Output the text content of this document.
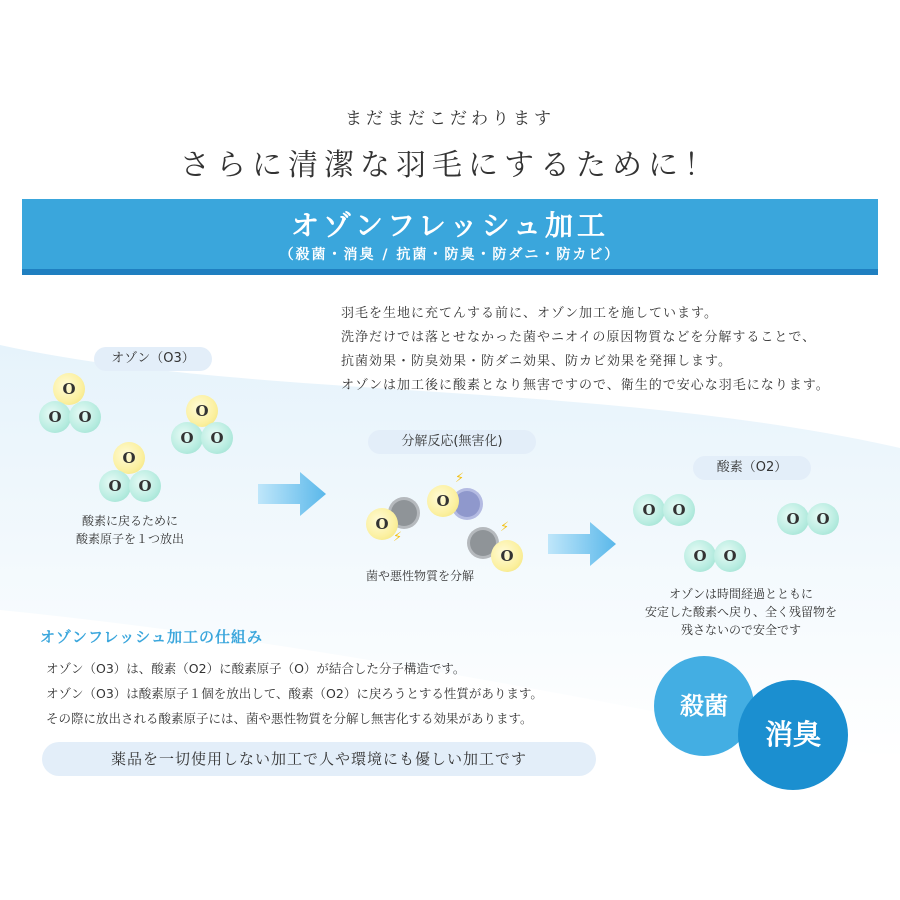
まだまだこだわります
さらに清潔な羽毛にするために！
オゾンフレッシュ加工
（殺菌・消臭 / 抗菌・防臭・防ダニ・防カビ）
羽毛を生地に充てんする前に、オゾン加工を施しています。
洗浄だけでは落とせなかった菌やニオイの原因物質などを分解することで、
抗菌効果・防臭効果・防ダニ効果、防カビ効果を発揮します。
オゾンは加工後に酸素となり無害ですので、衛生的で安心な羽毛になります。
オゾン（O3）
O
O	O	O
O	O
O
O	O
酸素に戻るために
酸素原子を１つ放出
分解反応(無害化)
O
⚡
O
⚡
O
⚡
菌や悪性物質を分解
酸素（O2）
O	O	O	O
O	O
オゾンは時間経過とともに
安定した酸素へ戻り、全く残留物を
残さないので安全です
オゾンフレッシュ加工の仕組み
オゾン（O3）は、酸素（O2）に酸素原子（O）が結合した分子構造です。
オゾン（O3）は酸素原子１個を放出して、酸素（O2）に戻ろうとする性質があります。
その際に放出される酸素原子には、菌や悪性物質を分解し無害化する効果があります。
薬品を一切使用しない加工で人や環境にも優しい加工です
殺菌
消臭
